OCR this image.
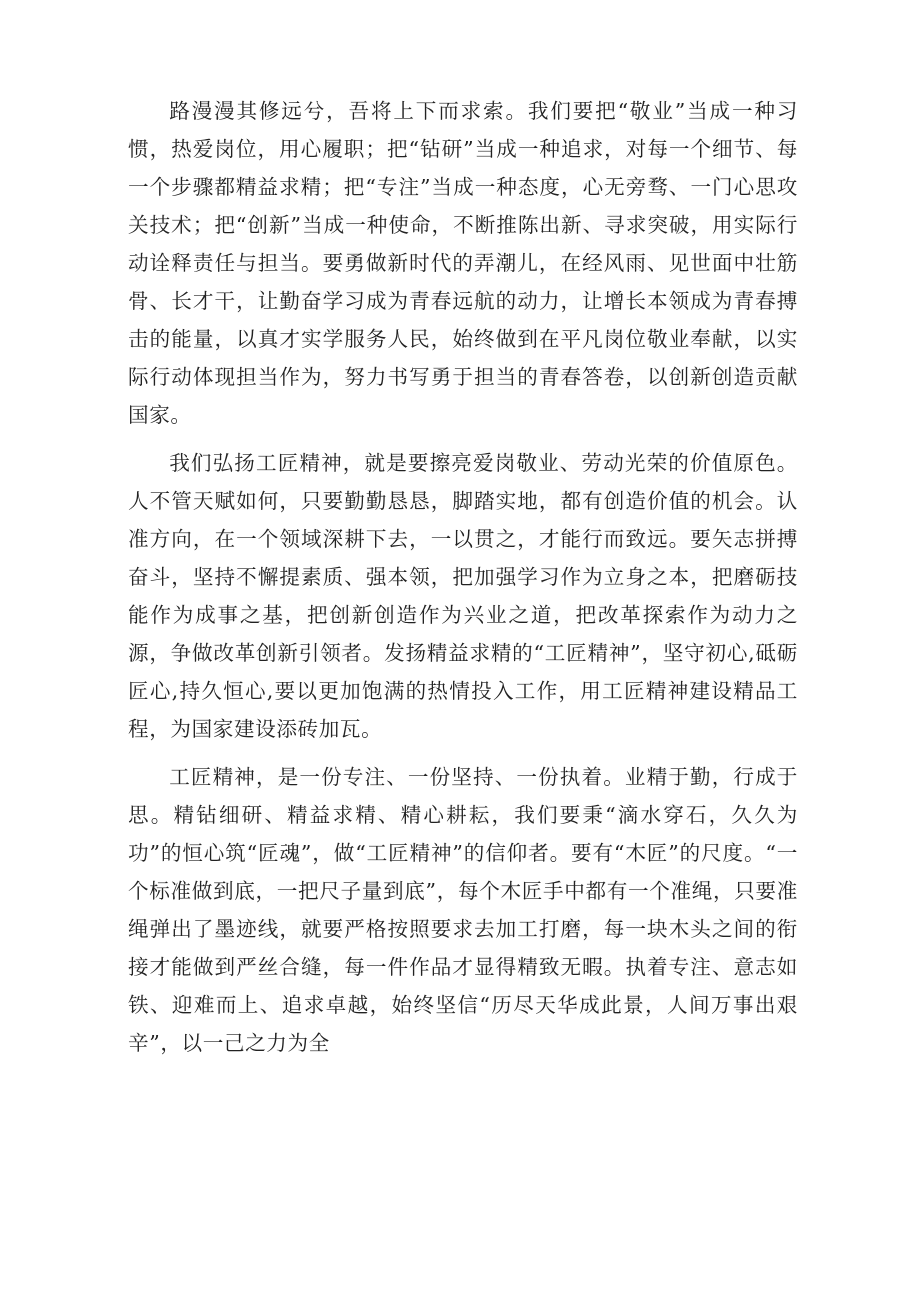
路漫漫其修远兮，吾将上下而求索。我们要把“敬业”当成一种习惯，热爱岗位，用心履职；把“钻研”当成一种追求，对每一个细节、每一个步骤都精益求精；把“专注”当成一种态度，心无旁骛、一门心思攻关技术；把“创新”当成一种使命，不断推陈出新、寻求突破，用实际行动诠释责任与担当。要勇做新时代的弄潮儿，在经风雨、见世面中壮筋骨、长才干，让勤奋学习成为青春远航的动力，让增长本领成为青春搏击的能量，以真才实学服务人民，始终做到在平凡岗位敬业奉献，以实际行动体现担当作为，努力书写勇于担当的青春答卷，以创新创造贡献国家。

我们弘扬工匠精神，就是要擦亮爱岗敬业、劳动光荣的价值原色。人不管天赋如何，只要勤勤恳恳，脚踏实地，都有创造价值的机会。认准方向，在一个领域深耕下去，一以贯之，才能行而致远。要矢志拼搏奋斗，坚持不懈提素质、强本领，把加强学习作为立身之本，把磨砺技能作为成事之基，把创新创造作为兴业之道，把改革探索作为动力之源，争做改革创新引领者。发扬精益求精的“工匠精神”，坚守初心,砥砺匠心,持久恒心,要以更加饱满的热情投入工作，用工匠精神建设精品工程，为国家建设添砖加瓦。

工匠精神，是一份专注、一份坚持、一份执着。业精于勤，行成于思。精钻细研、精益求精、精心耕耘，我们要秉“滴水穿石，久久为功”的恒心筑“匠魂”，做“工匠精神”的信仰者。要有“木匠”的尺度。“一个标准做到底，一把尺子量到底”，每个木匠手中都有一个准绳，只要准绳弹出了墨迹线，就要严格按照要求去加工打磨，每一块木头之间的衔接才能做到严丝合缝，每一件作品才显得精致无暇。执着专注、意志如铁、迎难而上、追求卓越，始终坚信“历尽天华成此景，人间万事出艰辛”，以一己之力为全
